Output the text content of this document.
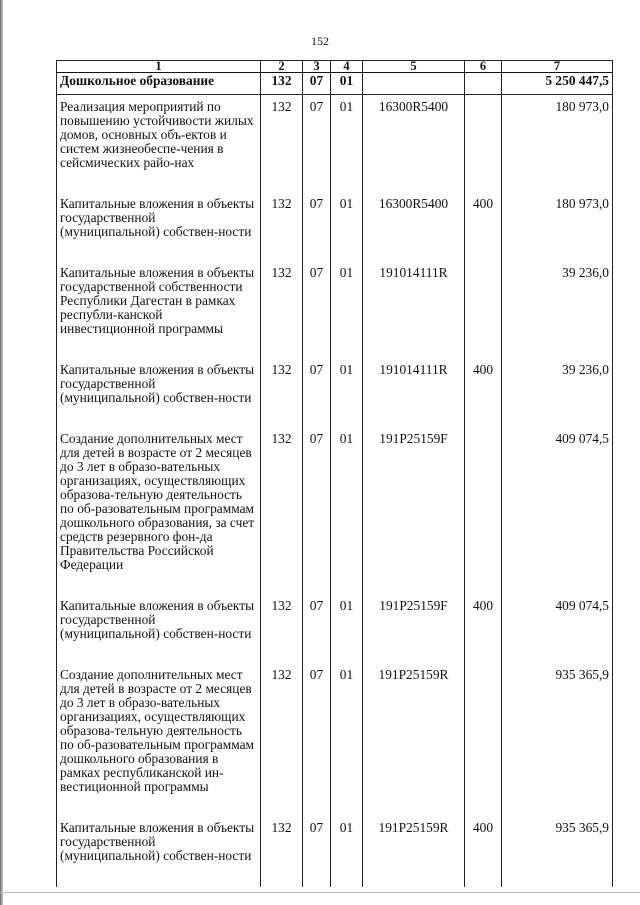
152
1	2	3	4	5	6	7
Дошкольное образование	132	07	01			5 250 447,5

Реализация мероприятий по повышению устойчивости жилых домов, основных объ-ектов и систем жизнеобеспе-чения в сейсмических райо-нах	132	07	01	16300R5400		180 973,0

Капитальные вложения в объекты государственной (муниципальной) собствен-ности	132	07	01	16300R5400	400	180 973,0

Капитальные вложения в объекты государственной собственности Республики Дагестан в рамках республи-канской инвестиционной программы	132	07	01	191014111R		39 236,0

Капитальные вложения в объекты государственной (муниципальной) собствен-ности	132	07	01	191014111R	400	39 236,0

Создание дополнительных мест для детей в возрасте от 2 месяцев до 3 лет в образо-вательных организациях, осуществляющих образова-тельную деятельность по об-разовательным программам дошкольного образования, за счет средств резервного фон-да Правительства Российской Федерации	132	07	01	191P25159F		409 074,5

Капитальные вложения в объекты государственной (муниципальной) собствен-ности	132	07	01	191P25159F	400	409 074,5

Создание дополнительных мест для детей в возрасте от 2 месяцев до 3 лет в образо-вательных организациях, осуществляющих образова-тельную деятельность по об-разовательным программам дошкольного образования в рамках республиканской ин-вестиционной программы	132	07	01	191P25159R		935 365,9

Капитальные вложения в объекты государственной (муниципальной) собствен-ности	132	07	01	191P25159R	400	935 365,9
